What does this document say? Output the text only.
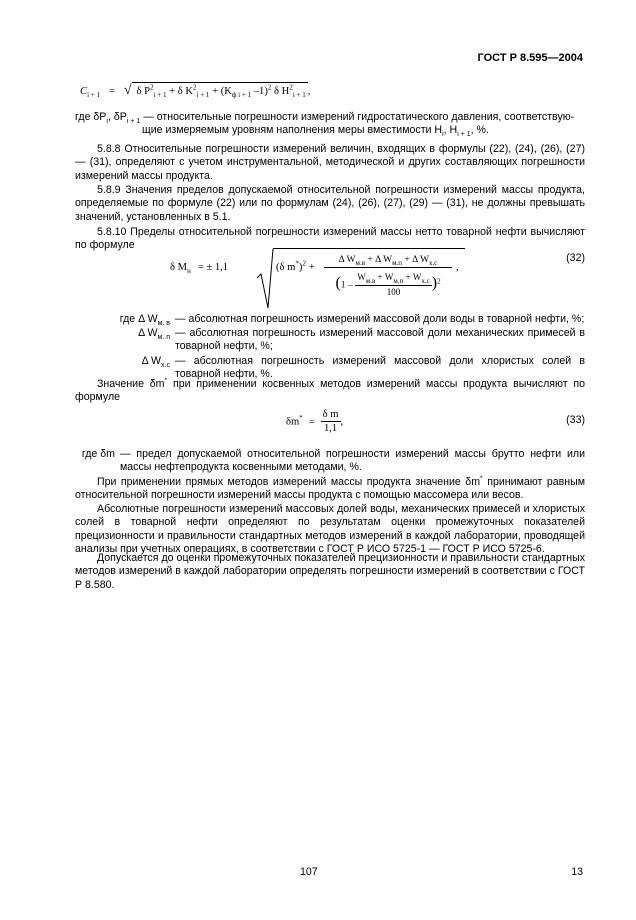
ГОСТ Р 8.595—2004
$C_{i + 1}$ = √ δ $P^2_{i + 1} + \delta$ $K^2_{i + 1} + (K_{ф i + 1}$ –1)$^2$ δ $H^2_{i + 1}$ ,
где $\delta P_i$, $\delta P_{i + 1}$ — относительные погрешности измерений гидростатического давления, соответствую-
щие измеряемым уровням наполнения меры вместимости $H_i$, $H_{i + 1}$, %.
5.8.8 Относительные погрешности измерений величин, входящих в формулы (22), (24), (26), (27) — (31), определяют с учетом инструментальной, методической и других составляющих погрешности измерений массы продукта.
5.8.9 Значения пределов допускаемой относительной погрешности измерений массы продукта, определяемые по формуле (22) или по формулам (24), (26), (27), (29) — (31), не должны превышать значений, установленных в 5.1.
5.8.10 Пределы относительной погрешности измерений массы нетто товарной нефти вычисляют по формуле
δ $M_н$ = ± 1,1	(δ m*)$^2$ +
Δ $W_{м.в} + \Delta$ $W_{м.п} + \Delta$ $W_{х.с}$
$(1 - \frac{W_{м.в} + W_{м.п} + W_{х.с}}{100} )^2$
,
(32)
где Δ $W_{м. в}$ — абсолютная погрешность измерений массовой доли воды в товарной нефти, %;
Δ $W_{м. п}$ — абсолютная погрешность измерений массовой доли механических примесей в товарной нефти, %;
Δ $W_{х.с}$ — абсолютная погрешность измерений массовой доли хлористых солей в товарной нефти, %.
Значение δm* при применении косвенных методов измерений массы продукта вычисляют по формуле
$\delta m^* = \frac{\text{δ m}}{1,1}$ ,	(33)
где δm — предел допускаемой относительной погрешности измерений массы брутто нефти или массы нефтепродукта косвенными методами, %.
При применении прямых методов измерений массы продукта значение δm* принимают равным относительной погрешности измерений массы продукта с помощью массомера или весов.
Абсолютные погрешности измерений массовых долей воды, механических примесей и хлористых солей в товарной нефти определяют по результатам оценки промежуточных показателей прецизионности и правильности стандартных методов измерений в каждой лаборатории, проводящей анализы при учетных операциях, в соответствии с ГОСТ Р ИСО 5725-1 — ГОСТ Р ИСО 5725-6.
Допускается до оценки промежуточных показателей прецизионности и правильности стандартных методов измерений в каждой лаборатории определять погрешности измерений в соответствии с ГОСТ Р 8.580.
107	13
